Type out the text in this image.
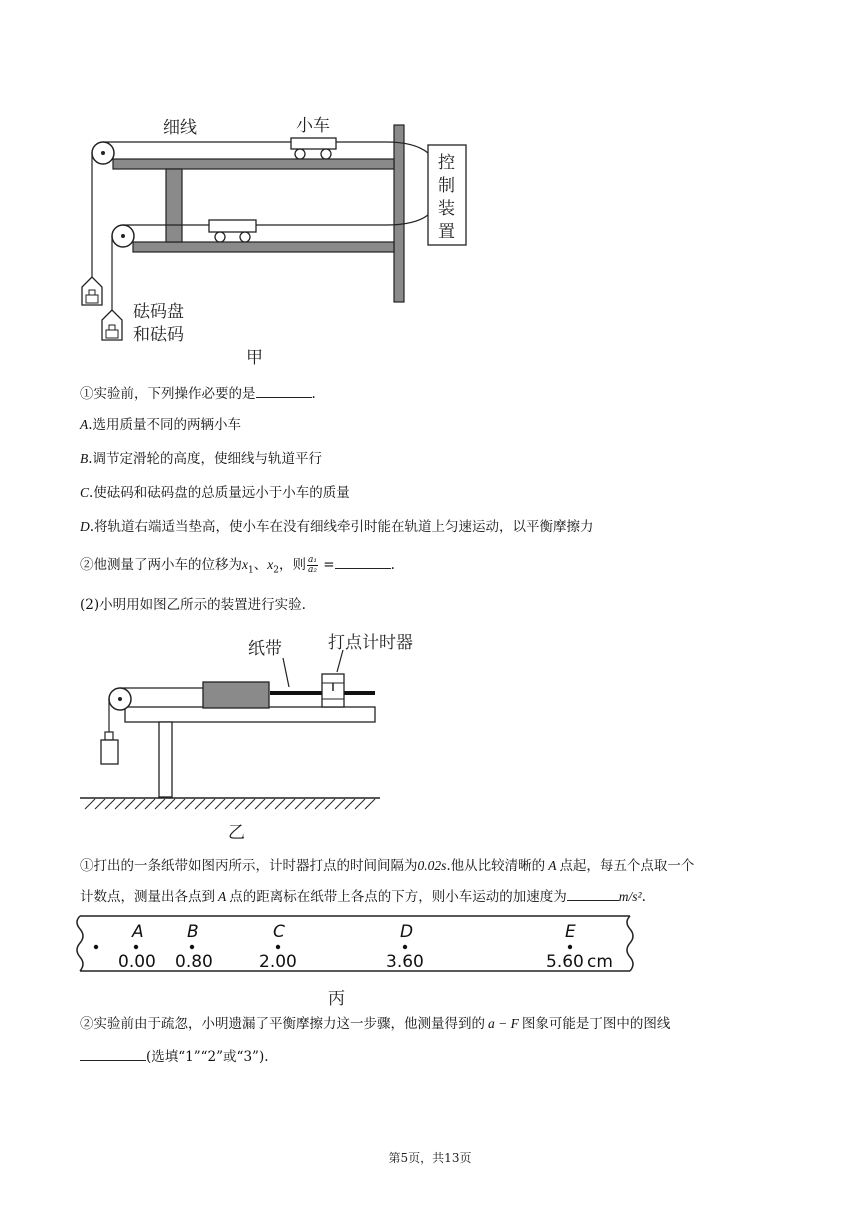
细线	小车
控
制
装
置
砝码盘
和砝码
甲
①实验前，下列操作必要的是	.
A.选用质量不同的两辆小车
B.调节定滑轮的高度，使细线与轨道平行
C.使砝码和砝码盘的总质量远小于小车的质量
D.将轨道右端适当垫高，使小车在没有细线牵引时能在轨道上匀速运动，以平衡摩擦力
②他测量了两小车的位移为$x_1$、$x_2$，则 $\frac{\text{a₁}}{\text{a₂}}$ =	.
(2)小明用如图乙所示的装置进行实验.
纸带	打点计时器
乙
①打出的一条纸带如图丙所示，计时器打点的时间间隔为0.02s.他从比较清晰的 A 点起，每五个点取一个
计数点，测量出各点到 A 点的距离标在纸带上各点的下方，则小车运动的加速度为	m/s².
A
0.00
B
0.80
C
2.00
D
3.60
E
5.60 cm
丙
②实验前由于疏忽，小明遗漏了平衡摩擦力这一步骤，他测量得到的 a − F 图象可能是丁图中的图线
(选填“1”“2”或“3”).
第5页，共13页
